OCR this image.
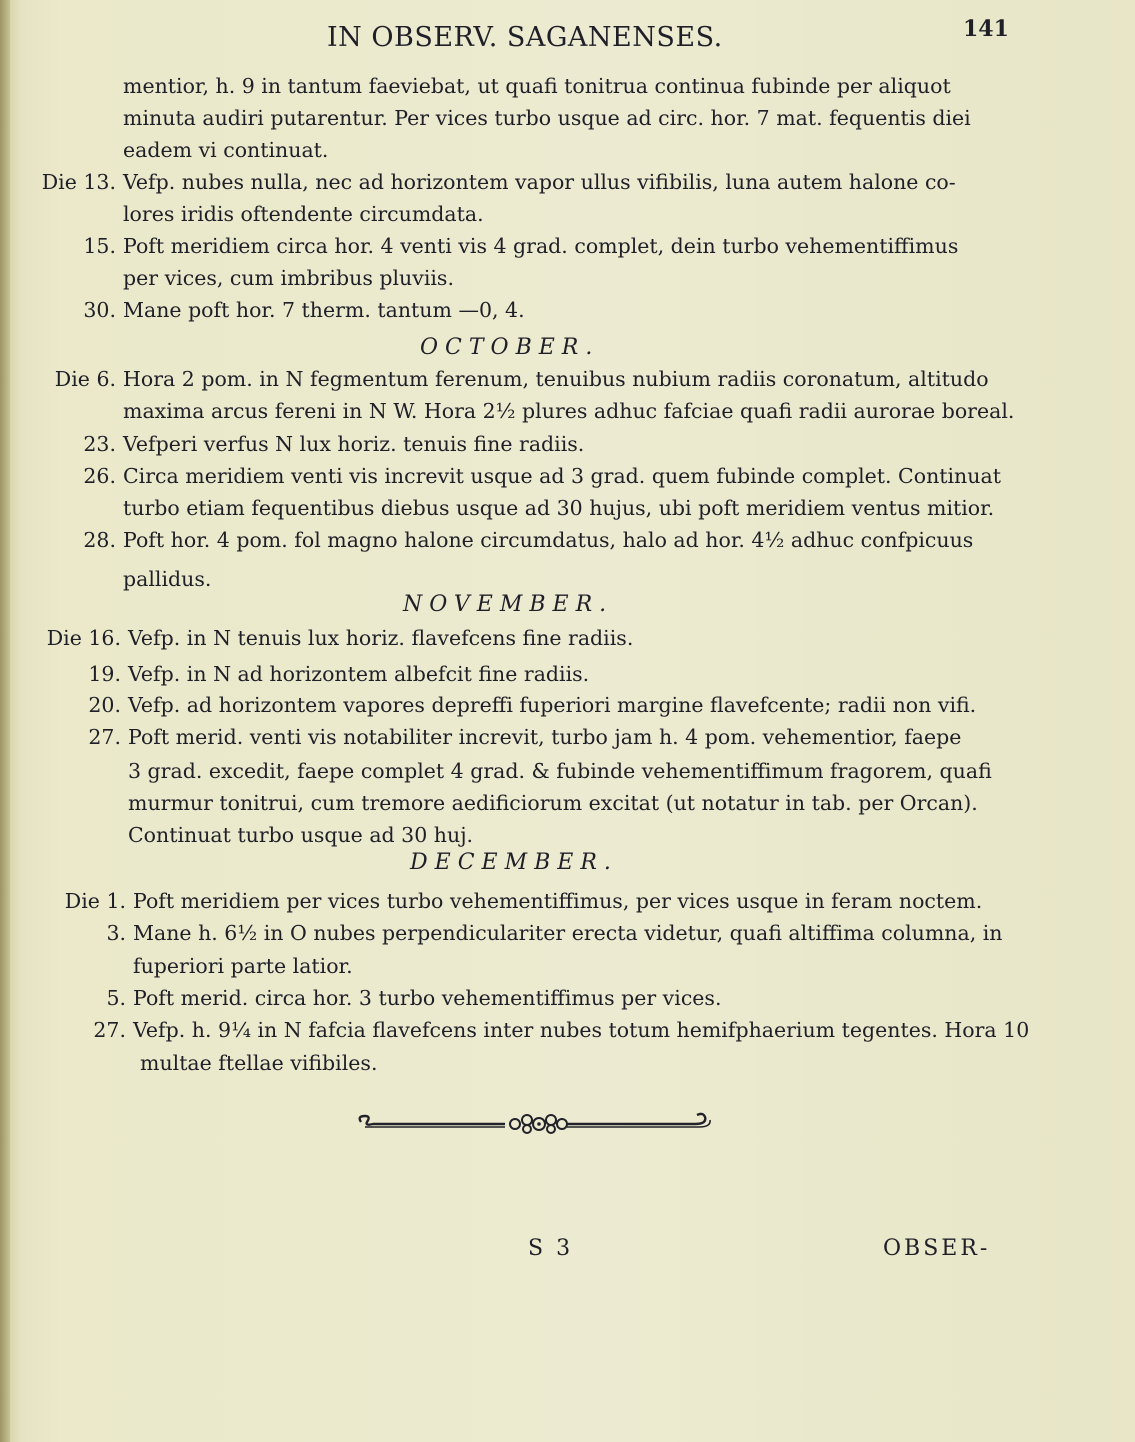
IN OBSERV. SAGANENSES.	141
mentior, h. 9 in tantum faeviebat, ut quafi tonitrua continua fubinde per aliquot
minuta audiri putarentur. Per vices turbo usque ad circ. hor. 7 mat. fequentis diei
eadem vi continuat.
Die 13. Vefp. nubes nulla, nec ad horizontem vapor ullus vifibilis, luna autem halone co-
lores iridis oftendente circumdata.
15. Poft meridiem circa hor. 4 venti vis 4 grad. complet, dein turbo vehementiffimus
per vices, cum imbribus pluviis.
30. Mane poft hor. 7 therm. tantum —0, 4.
OCTOBER.
Die 6. Hora 2 pom. in N fegmentum ferenum, tenuibus nubium radiis coronatum, altitudo
maxima arcus fereni in N W. Hora 2½ plures adhuc fafciae quafi radii aurorae boreal.
23. Vefperi verfus N lux horiz. tenuis fine radiis.
26. Circa meridiem venti vis increvit usque ad 3 grad. quem fubinde complet. Continuat
turbo etiam fequentibus diebus usque ad 30 hujus, ubi poft meridiem ventus mitior.
28. Poft hor. 4 pom. fol magno halone circumdatus, halo ad hor. 4½ adhuc confpicuus
pallidus.
NOVEMBER.
Die 16. Vefp. in N tenuis lux horiz. flavefcens fine radiis.
19. Vefp. in N ad horizontem albefcit fine radiis.
20. Vefp. ad horizontem vapores depreffi fuperiori margine flavefcente; radii non vifi.
27. Poft merid. venti vis notabiliter increvit, turbo jam h. 4 pom. vehementior, faepe
3 grad. excedit, faepe complet 4 grad. & fubinde vehementiffimum fragorem, quafi
murmur tonitrui, cum tremore aedificiorum excitat (ut notatur in tab. per Orcan).
Continuat turbo usque ad 30 huj.
DECEMBER.
Die 1. Poft meridiem per vices turbo vehementiffimus, per vices usque in feram noctem.
3. Mane h. 6½ in O nubes perpendiculariter erecta videtur, quafi altiffima columna, in
fuperiori parte latior.
5. Poft merid. circa hor. 3 turbo vehementiffimus per vices.
27. Vefp. h. 9¼ in N fafcia flavefcens inter nubes totum hemifphaerium tegentes. Hora 10
multae ftellae vifibiles.
S 3	OBSER-
